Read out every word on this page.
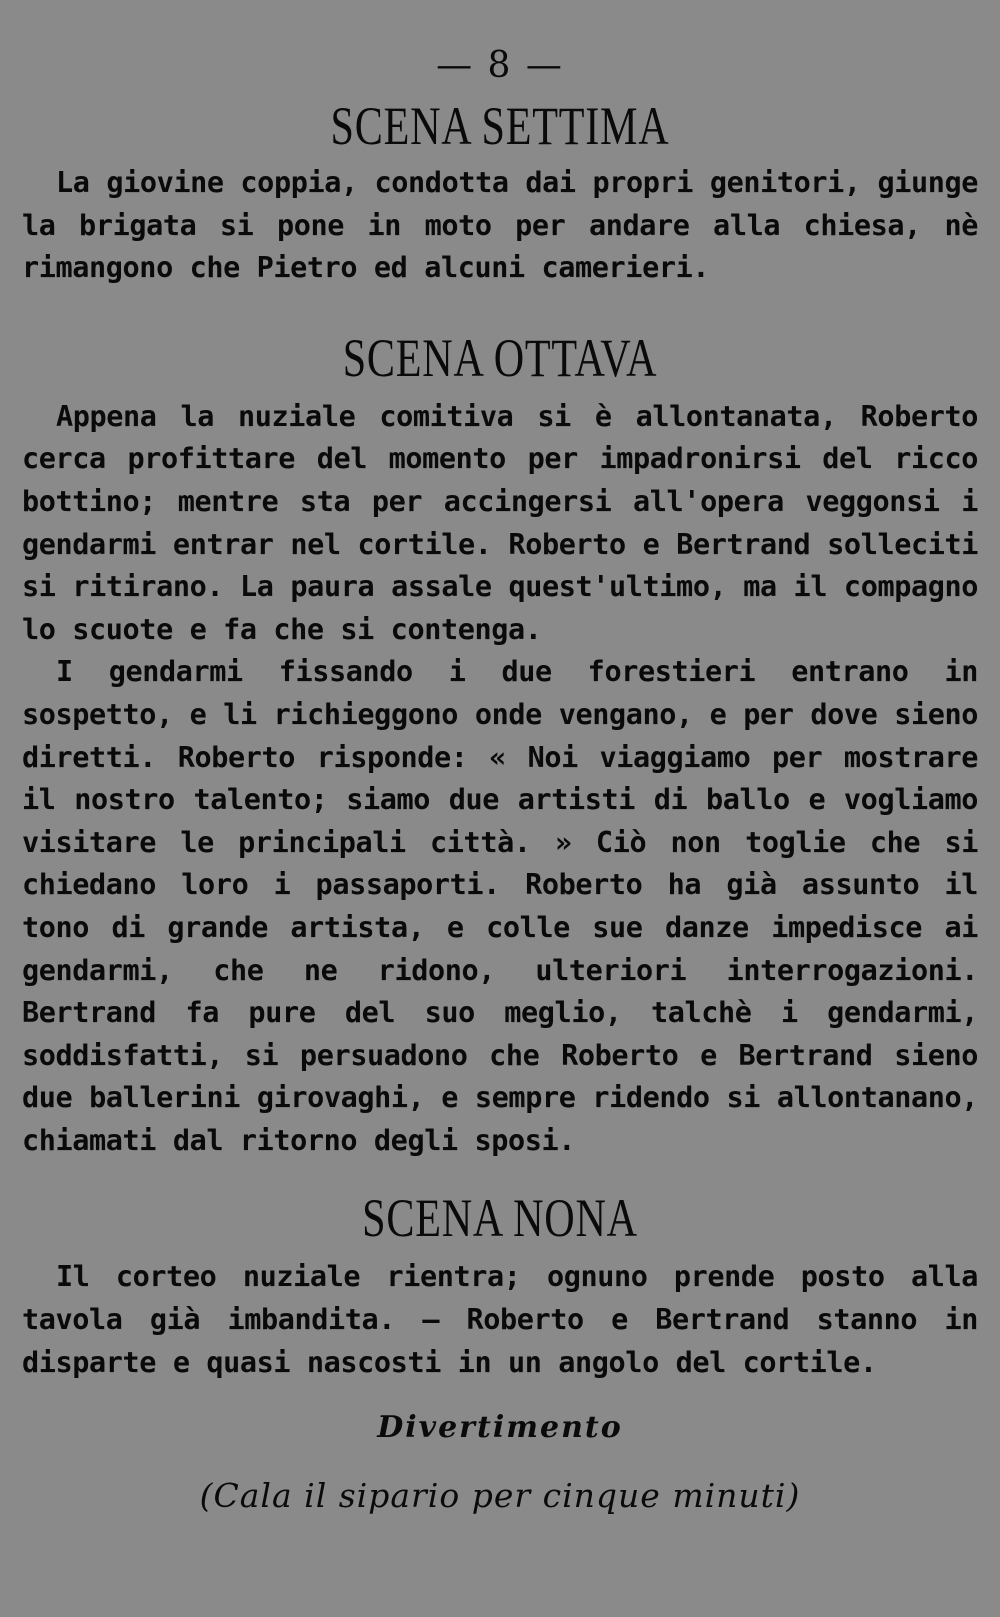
— 8 —
SCENA SETTIMA

La giovine coppia, condotta dai propri genitori, giunge la brigata si pone in moto per andare alla chiesa, nè rimangono che Pietro ed alcuni camerieri.

SCENA OTTAVA

Appena la nuziale comitiva si è allontanata, Roberto cerca profittare del momento per impadronirsi del ricco bottino; mentre sta per accingersi all'opera veggonsi i gendarmi entrar nel cortile. Roberto e Bertrand solleciti si ritirano. La paura assale quest'ultimo, ma il compagno lo scuote e fa che si contenga.

I gendarmi fissando i due forestieri entrano in sospetto, e li richieggono onde vengano, e per dove sieno diretti. Roberto risponde: « Noi viaggiamo per mostrare il nostro talento; siamo due artisti di ballo e vogliamo visitare le principali città. » Ciò non toglie che si chiedano loro i passaporti. Roberto ha già assunto il tono di grande artista, e colle sue danze impedisce ai gendarmi, che ne ridono, ulteriori interrogazioni. Bertrand fa pure del suo meglio, talchè i gendarmi, soddisfatti, si persuadono che Roberto e Bertrand sieno due ballerini girovaghi, e sempre ridendo si allontanano, chiamati dal ritorno degli sposi.

SCENA NONA

Il corteo nuziale rientra; ognuno prende posto alla tavola già imbandita. — Roberto e Bertrand stanno in disparte e quasi nascosti in un angolo del cortile.

Divertimento
(Cala il sipario per cinque minuti)
